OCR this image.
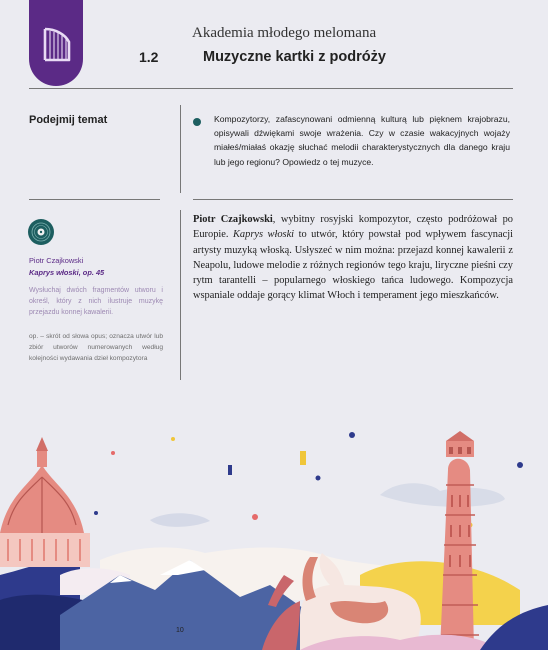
Akademia młodego melomana
1.2	Muzyczne kartki z podróży
Podejmij temat	Kompozytorzy, zafascynowani odmienną kulturą lub pięknem krajobrazu, opisywali dźwiękami swoje wrażenia. Czy w czasie wakacyjnych wojaży miałeś/miałaś okazję słuchać melodii charakterystycznych dla danego kraju lub jego regionu? Opowiedz o tej muzyce.
Piotr Czajkowski
Kaprys włoski, op. 45
Wysłuchaj dwóch fragmentów utworu i określ, który z nich ilustruje muzykę przejazdu konnej kawalerii.
op. – skrót od słowa opus; oznacza utwór lub zbiór utworów numerowanych według kolejności wydawania dzieł kompozytora
Piotr Czajkowski, wybitny rosyjski kompozytor, często podróżował po Europie. Kaprys włoski to utwór, który powstał pod wpływem fascynacji artysty muzyką włoską. Usłyszeć w nim można: przejazd konnej kawalerii z Neapolu, ludowe melodie z różnych regionów tego kraju, liryczne pieśni czy rytm tarantelli – popularnego włoskiego tańca ludowego. Kompozycja wspaniale oddaje gorący klimat Włoch i temperament jego mieszkańców.
10
